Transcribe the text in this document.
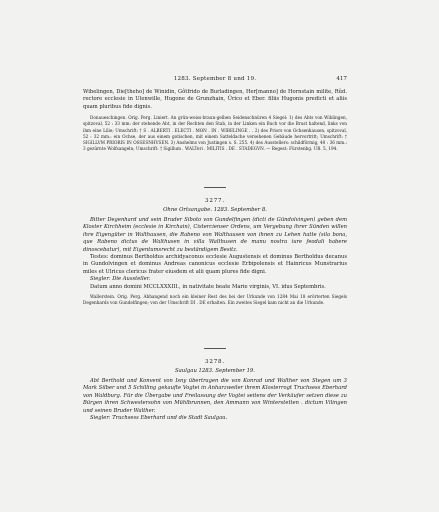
1283. September 8 und 19.	417

Wibelingen, Die[theho] de Winidin, Gôtfrido de Burladingen, Her[manno] de Hornstain milite, Rûd. rectore ecclesie in Ulenwille, Hugone de Grunzhain, Ûrico et Eber. filiis Hugonis predicti et aliis quam pluribus fide dignis.

Donaueschingen. Orig. Perg. Liniert. An grün-weiss-braun-gelben Seidenschnüren 4 Siegel: 1) des Abts von Wiblingen, spitzoval, 52 : 33 mm: der stehende Abt, in der Rechten den Stab, in der Linken ein Buch vor die Brust haltend, links von ihm eine Lilie; Umschrift: † S . ALBERTI . ELECTI . MON . IN . WIBELINGE . . 2) des Priors von Ochsenhausen, spitzoval, 52 : 32 mm.: ein Ochse, der aus einem gotischen, mit einem Satteldache versehenen Gebäude hervortritt; Umschrift: † SIGILLVM PRIORIS IN OSSESNHVSEN. 3) Anshelms von Justingen s. S. 255. 4) des Ausstellers: schildförmig, 40 : 36 mm.: 3 gezürnte Wolfsangeln; Umschrift: † Sigillum . WALTeri . MILITIS . DE . STADEGVN. — Regest: Fürstenbg. UB. 5, 194.

3277.
Ohne Ortsangabe. 1283. September 8.

Bitter Degenhard und sein Bruder Siboto von Gundelfingen (dicti de Gündolvingen) geben dem Kloster Kirchheim (ecclesie in Kirchain), Cistercienser Ordens, um Vergebung ihrer Sünden willen ihre Eigengüter in Walthausen, die Rabeno von Walthausen von ihnen zu Lehen hatte (sila bona, que Rabeno dictus de Walthusen in villa Walthusen de manu nostra iure feodali habere dinoscebatur), mit Eigentumsrecht zu beständigem Besitz.

Testes: dominus Bertholdus archidyaconus ecclesie Augustensis et dominus Bertholdus decanus in Gundolvingen et dominus Andreas canonicus ecclesie Erbipolensis et Hainricus Munstrarius miles et Ulricus clericus frater eiusdem et alii quam plures fide digni.

Siegler: Die Aussteller.

Datum anno domini MCCLXXXIII., in nativitate beate Marie virginis, VI. idus Septembris.

Wallerstein. Orig. Perg. Abhangend noch ein kleiner Rest des bei der Urkunde von 1284 Mai 18 erörterten Siegels Degenhards von Gundelfingen; von der Umschrift DI . DE erhalten. Ein zweites Siegel kam nicht an die Urkunde.

3278.
Saulgau 1283. September 19.

Abt Berthold und Konvent von Isny übertragen die von Konrad und Walther von Stegen um 3 Mark Silber und 5 Schilling gekaufte Vogtei in Anharzweiler ihrem Klosterrogt Truchsess Eberhard von Waldburg. Für die Übergabe und Freilassung der Vogtei seitens der Verkäufer setzen diese zu Bürgen ihren Schwestersohn von Mühlbrunnen, den Ammann von Winterstetten . dictum Vilingen und seinen Bruder Walther.

Siegler: Truchsess Eberhard und die Stadt Saulgau.
